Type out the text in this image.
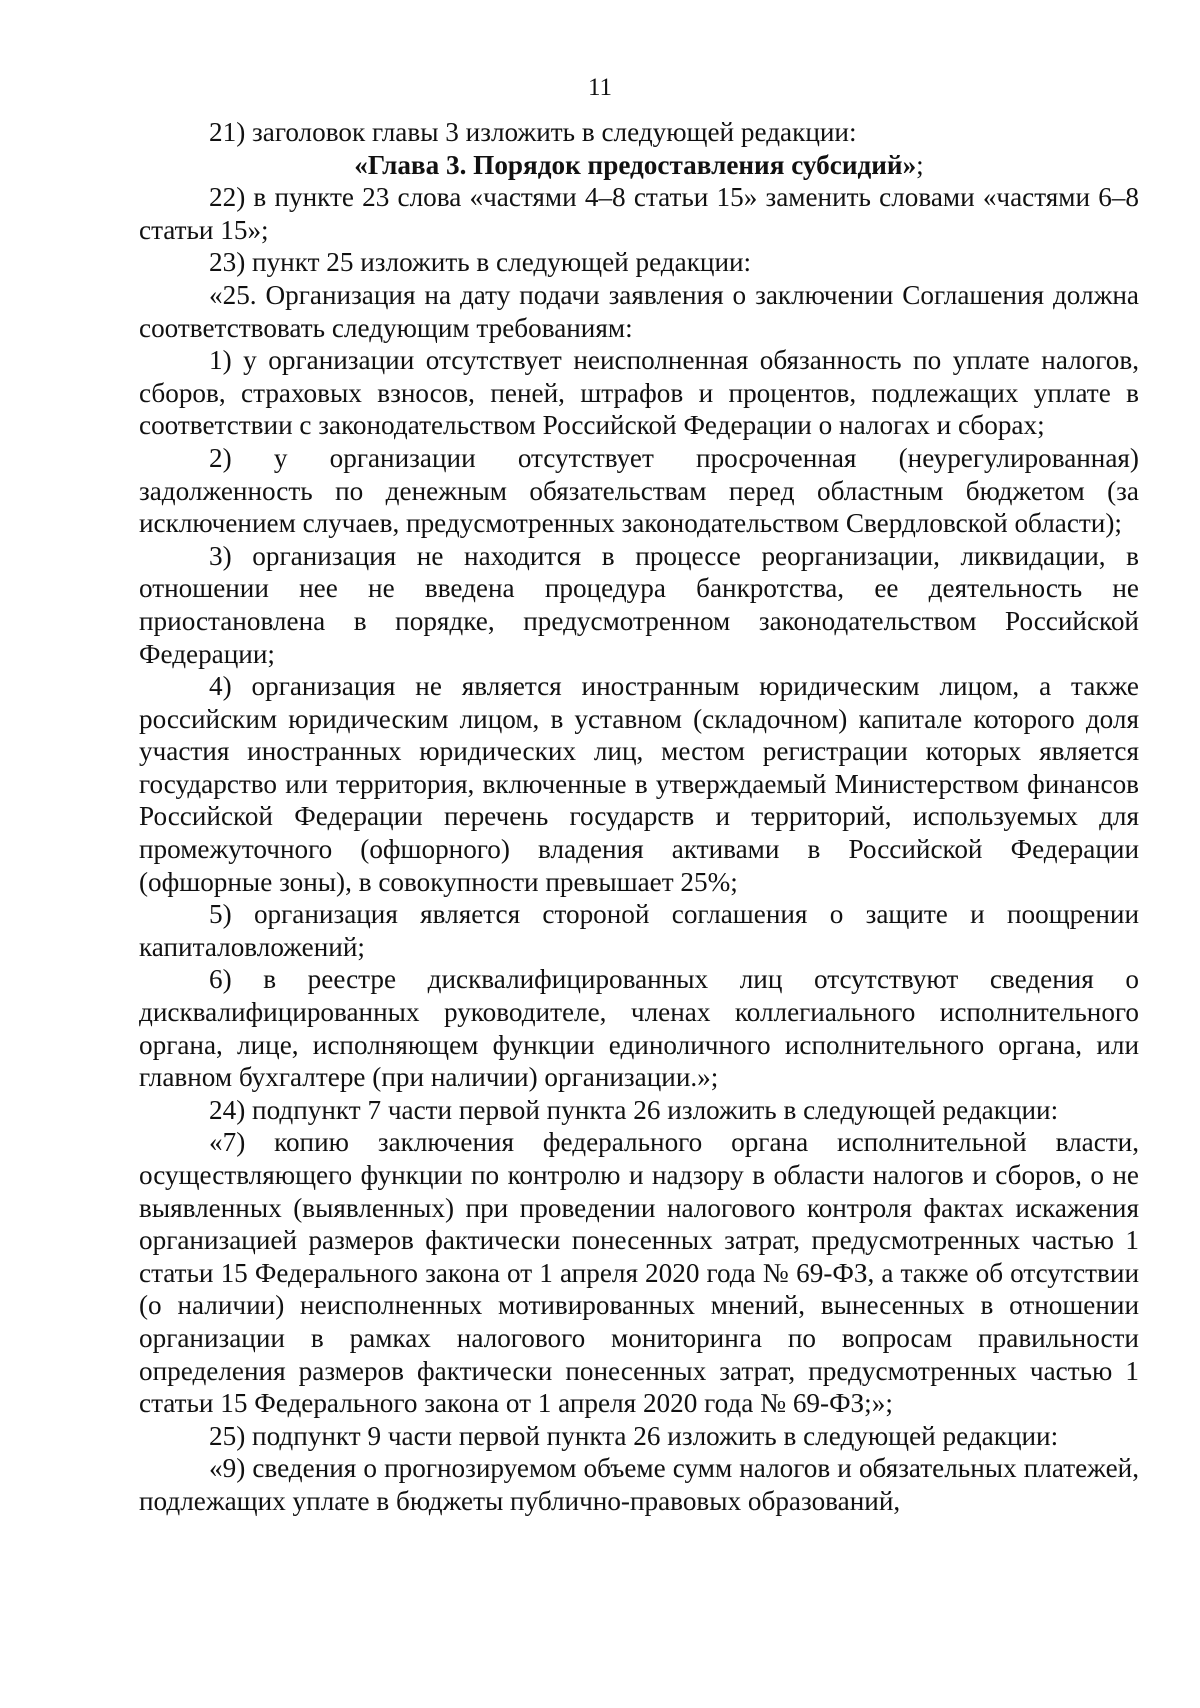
11

21) заголовок главы 3 изложить в следующей редакции:

«Глава 3. Порядок предоставления субсидий»;

22) в пункте 23 слова «частями 4–8 статьи 15» заменить словами «частями 6–8 статьи 15»;

23) пункт 25 изложить в следующей редакции:

«25. Организация на дату подачи заявления о заключении Соглашения должна соответствовать следующим требованиям:

1) у организации отсутствует неисполненная обязанность по уплате налогов, сборов, страховых взносов, пеней, штрафов и процентов, подлежащих уплате в соответствии с законодательством Российской Федерации о налогах и сборах;

2) у организации отсутствует просроченная (неурегулированная) задолженность по денежным обязательствам перед областным бюджетом (за исключением случаев, предусмотренных законодательством Свердловской области);

3) организация не находится в процессе реорганизации, ликвидации, в отношении нее не введена процедура банкротства, ее деятельность не приостановлена в порядке, предусмотренном законодательством Российской Федерации;

4) организация не является иностранным юридическим лицом, а также российским юридическим лицом, в уставном (складочном) капитале которого доля участия иностранных юридических лиц, местом регистрации которых является государство или территория, включенные в утверждаемый Министерством финансов Российской Федерации перечень государств и территорий, используемых для промежуточного (офшорного) владения активами в Российской Федерации (офшорные зоны), в совокупности превышает 25%;

5) организация является стороной соглашения о защите и поощрении капиталовложений;

6) в реестре дисквалифицированных лиц отсутствуют сведения о дисквалифицированных руководителе, членах коллегиального исполнительного органа, лице, исполняющем функции единоличного исполнительного органа, или главном бухгалтере (при наличии) организации.»;

24) подпункт 7 части первой пункта 26 изложить в следующей редакции:

«7) копию заключения федерального органа исполнительной власти, осуществляющего функции по контролю и надзору в области налогов и сборов, о не выявленных (выявленных) при проведении налогового контроля фактах искажения организацией размеров фактически понесенных затрат, предусмотренных частью 1 статьи 15 Федерального закона от 1 апреля 2020 года № 69-ФЗ, а также об отсутствии (о наличии) неисполненных мотивированных мнений, вынесенных в отношении организации в рамках налогового мониторинга по вопросам правильности определения размеров фактически понесенных затрат, предусмотренных частью 1 статьи 15 Федерального закона от 1 апреля 2020 года № 69-ФЗ;»;

25) подпункт 9 части первой пункта 26 изложить в следующей редакции:

«9) сведения о прогнозируемом объеме сумм налогов и обязательных платежей, подлежащих уплате в бюджеты публично-правовых образований,
